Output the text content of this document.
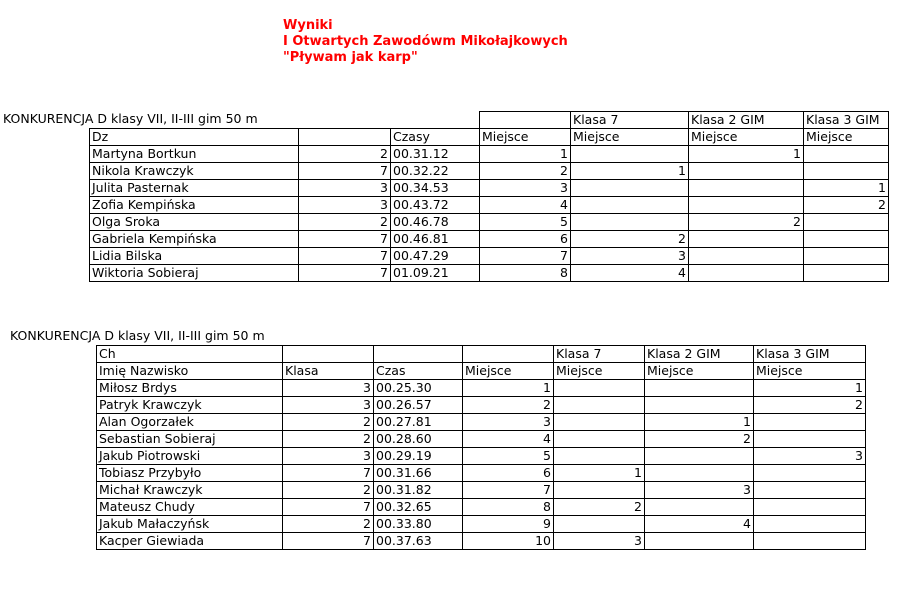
Wyniki
I Otwartych Zawodówm Mikołajkowych
"Pływam jak karp"
KONKURENCJA D klasy VII, II-III gim 50 m
					Klasa 7	Klasa 2 GIM	Klasa 3 GIM
Dz		Czasy	Miejsce	Miejsce	Miejsce	Miejsce
Martyna Bortkun	2	00.31.12	1		1	
Nikola Krawczyk	7	00.32.22	2	1		
Julita Pasternak	3	00.34.53	3			1
Zofia Kempińska	3	00.43.72	4			2
Olga Sroka	2	00.46.78	5		2	
Gabriela Kempińska	7	00.46.81	6	2		
Lidia Bilska	7	00.47.29	7	3		
Wiktoria Sobieraj	7	01.09.21	8	4		
KONKURENCJA D klasy VII, II-III gim 50 m
Ch				Klasa 7	Klasa 2 GIM	Klasa 3 GIM
Imię Nazwisko	Klasa	Czas	Miejsce	Miejsce	Miejsce	Miejsce
Miłosz Brdys	3	00.25.30	1			1
Patryk Krawczyk	3	00.26.57	2			2
Alan Ogorzałek	2	00.27.81	3		1	
Sebastian Sobieraj	2	00.28.60	4		2	
Jakub Piotrowski	3	00.29.19	5			3
Tobiasz Przybyło	7	00.31.66	6	1		
Michał Krawczyk	2	00.31.82	7		3	
Mateusz Chudy	7	00.32.65	8	2		
Jakub Małaczyńsk	2	00.33.80	9		4	
Kacper Giewiada	7	00.37.63	10	3		
